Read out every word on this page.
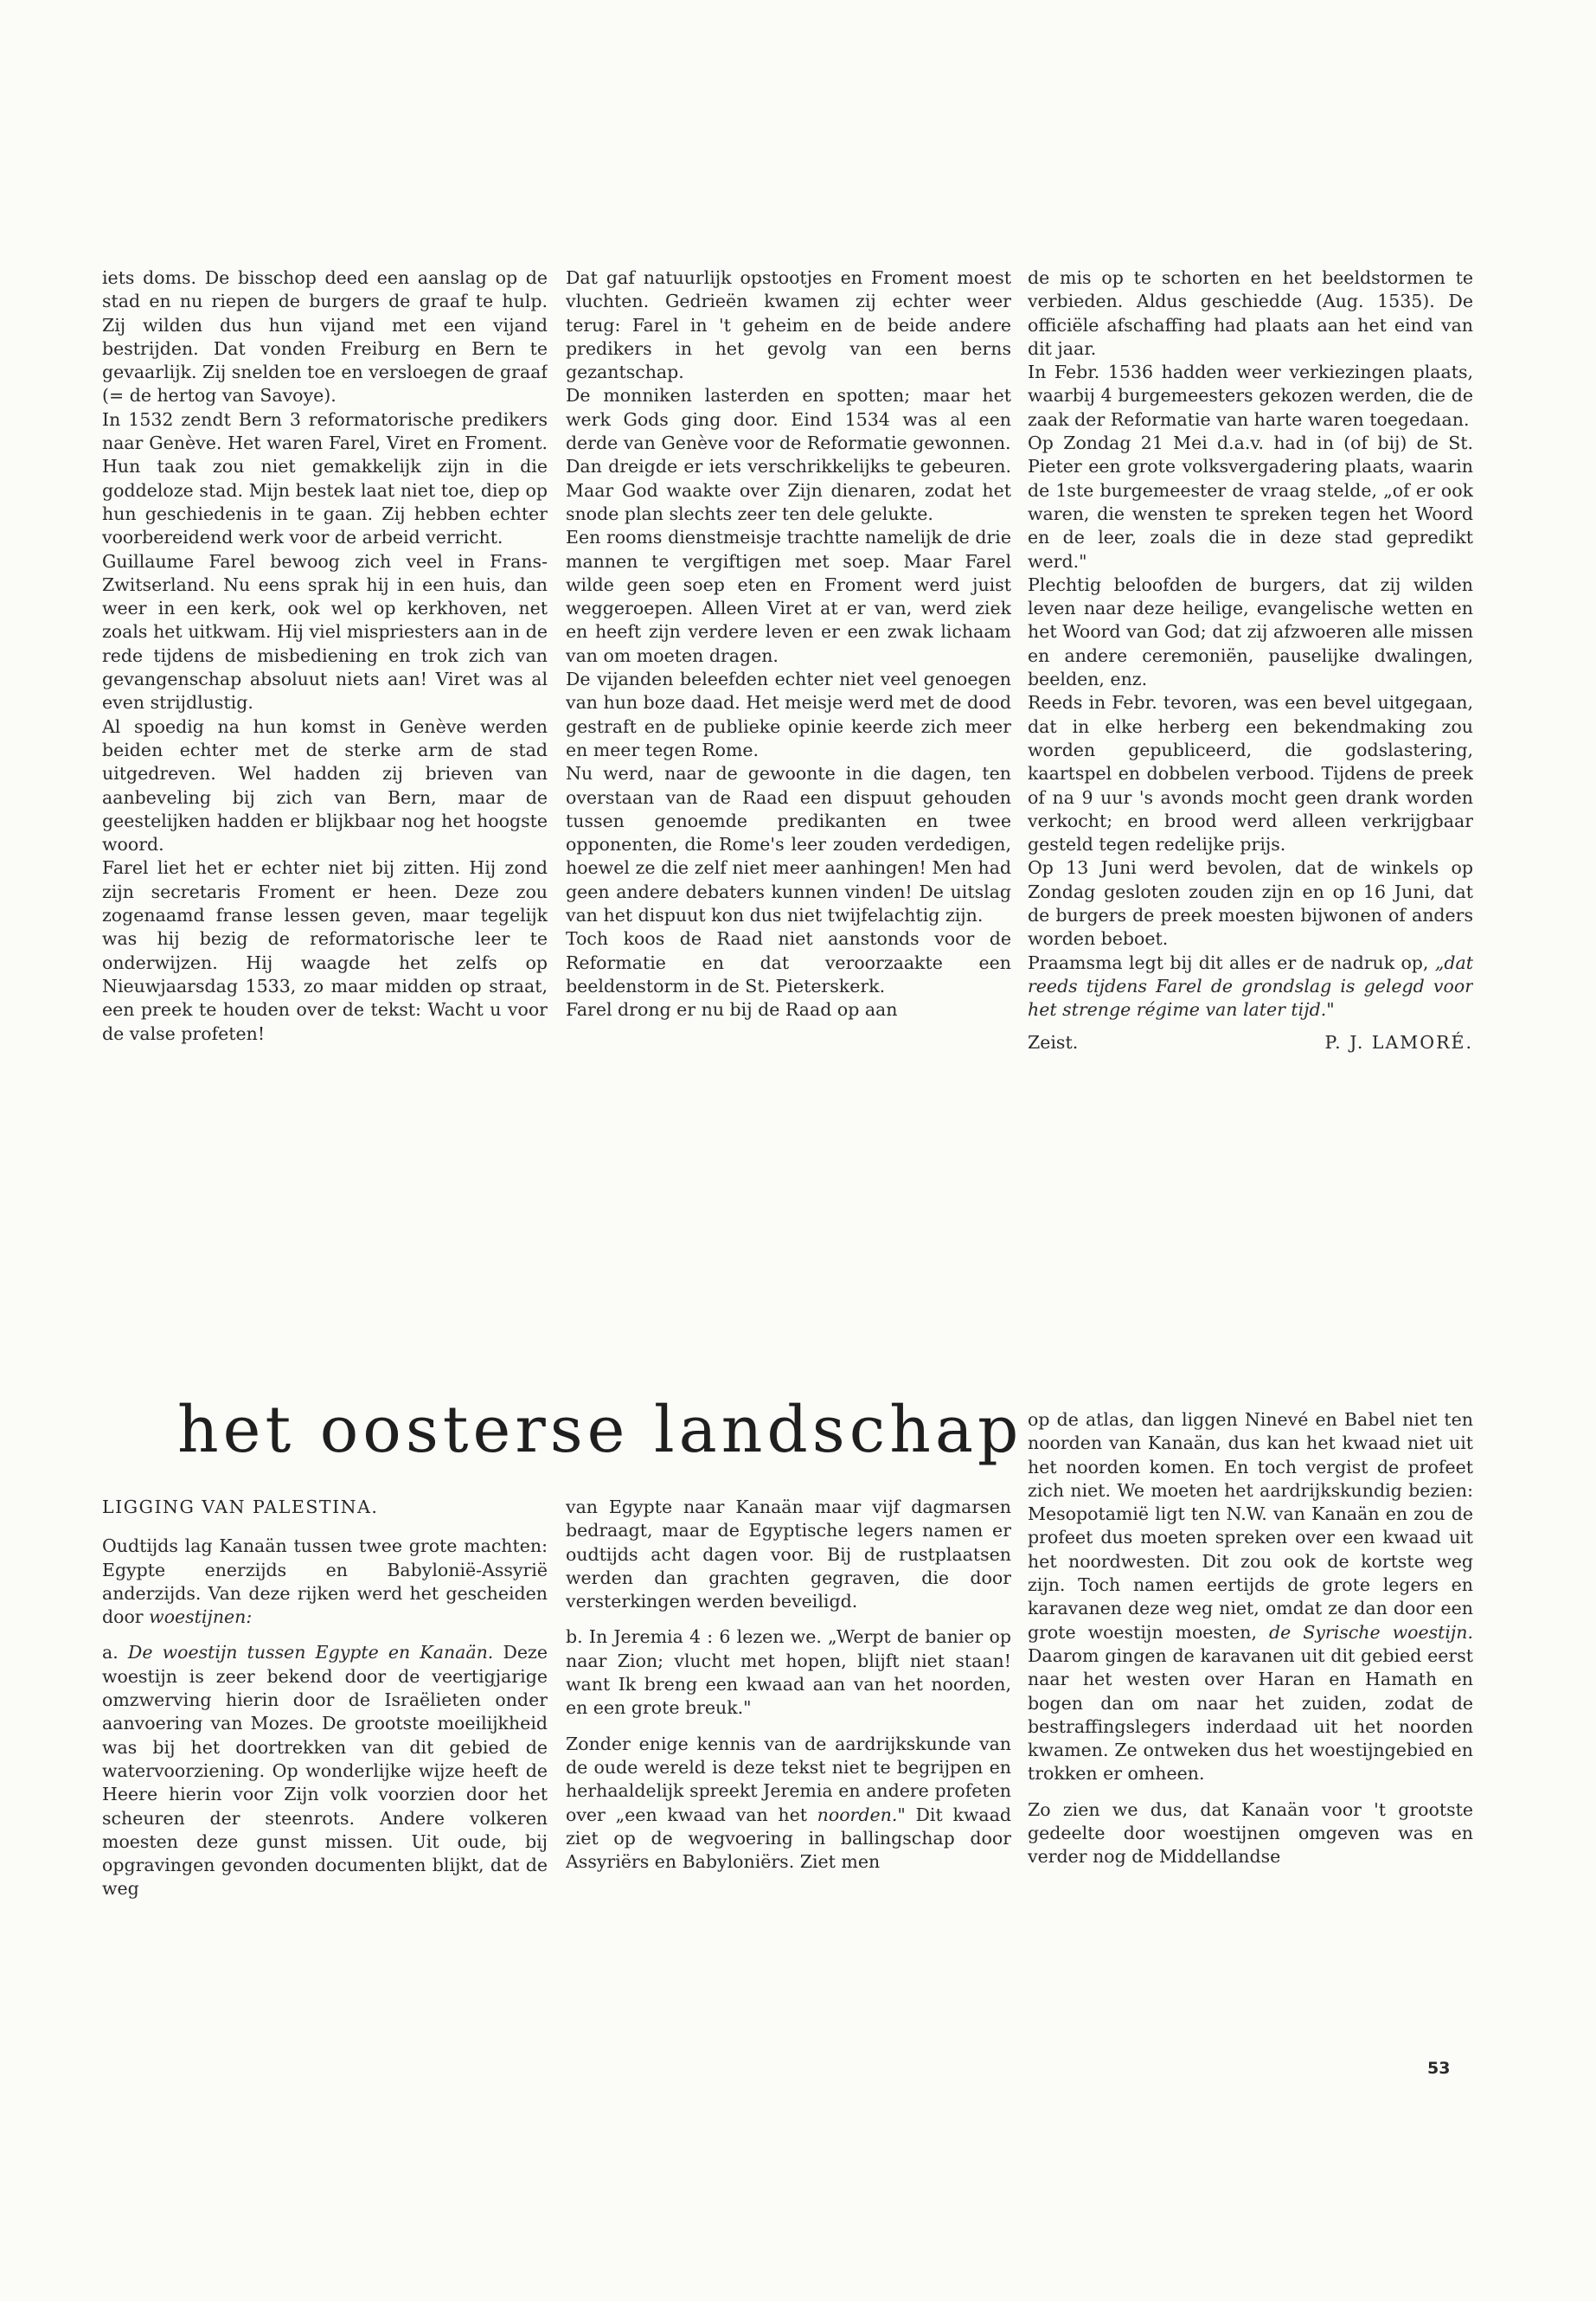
iets doms. De bisschop deed een aanslag op de stad en nu riepen de burgers de graaf te hulp. Zij wilden dus hun vijand met een vijand bestrijden. Dat vonden Freiburg en Bern te gevaarlijk. Zij snelden toe en versloegen de graaf (= de hertog van Savoye).

In 1532 zendt Bern 3 reformatorische predikers naar Genève. Het waren Farel, Viret en Froment. Hun taak zou niet gemakkelijk zijn in die goddeloze stad. Mijn bestek laat niet toe, diep op hun geschiedenis in te gaan. Zij hebben echter voorbereidend werk voor de arbeid verricht.

Guillaume Farel bewoog zich veel in Frans-Zwitserland. Nu eens sprak hij in een huis, dan weer in een kerk, ook wel op kerkhoven, net zoals het uitkwam. Hij viel mispriesters aan in de rede tijdens de misbediening en trok zich van gevangenschap absoluut niets aan! Viret was al even strijdlustig.

Al spoedig na hun komst in Genève werden beiden echter met de sterke arm de stad uitgedreven. Wel hadden zij brieven van aanbeveling bij zich van Bern, maar de geestelijken hadden er blijkbaar nog het hoogste woord.

Farel liet het er echter niet bij zitten. Hij zond zijn secretaris Froment er heen. Deze zou zogenaamd franse lessen geven, maar tegelijk was hij bezig de reformatorische leer te onderwijzen. Hij waagde het zelfs op Nieuwjaarsdag 1533, zo maar midden op straat, een preek te houden over de tekst: Wacht u voor de valse profeten!

Dat gaf natuurlijk opstootjes en Froment moest vluchten. Gedrieën kwamen zij echter weer terug: Farel in 't geheim en de beide andere predikers in het gevolg van een berns gezantschap.

De monniken lasterden en spotten; maar het werk Gods ging door. Eind 1534 was al een derde van Genève voor de Reformatie gewonnen.

Dan dreigde er iets verschrikkelijks te gebeuren. Maar God waakte over Zijn dienaren, zodat het snode plan slechts zeer ten dele gelukte.

Een rooms dienstmeisje trachtte namelijk de drie mannen te vergiftigen met soep. Maar Farel wilde geen soep eten en Froment werd juist weggeroepen. Alleen Viret at er van, werd ziek en heeft zijn verdere leven er een zwak lichaam van om moeten dragen.

De vijanden beleefden echter niet veel genoegen van hun boze daad. Het meisje werd met de dood gestraft en de publieke opinie keerde zich meer en meer tegen Rome.

Nu werd, naar de gewoonte in die dagen, ten overstaan van de Raad een dispuut gehouden tussen genoemde predikanten en twee opponenten, die Rome's leer zouden verdedigen, hoewel ze die zelf niet meer aanhingen! Men had geen andere debaters kunnen vinden! De uitslag van het dispuut kon dus niet twijfelachtig zijn.

Toch koos de Raad niet aanstonds voor de Reformatie en dat veroorzaakte een beeldenstorm in de St. Pieterskerk.

Farel drong er nu bij de Raad op aan

de mis op te schorten en het beeldstormen te verbieden. Aldus geschiedde (Aug. 1535). De officiële afschaffing had plaats aan het eind van dit jaar.

In Febr. 1536 hadden weer verkiezingen plaats, waarbij 4 burgemeesters gekozen werden, die de zaak der Reformatie van harte waren toegedaan.

Op Zondag 21 Mei d.a.v. had in (of bij) de St. Pieter een grote volksvergadering plaats, waarin de 1ste burgemeester de vraag stelde, „of er ook waren, die wensten te spreken tegen het Woord en de leer, zoals die in deze stad gepredikt werd."

Plechtig beloofden de burgers, dat zij wilden leven naar deze heilige, evangelische wetten en het Woord van God; dat zij afzwoeren alle missen en andere ceremoniën, pauselijke dwalingen, beelden, enz.

Reeds in Febr. tevoren, was een bevel uitgegaan, dat in elke herberg een bekendmaking zou worden gepubliceerd, die godslastering, kaartspel en dobbelen verbood. Tijdens de preek of na 9 uur 's avonds mocht geen drank worden verkocht; en brood werd alleen verkrijgbaar gesteld tegen redelijke prijs.

Op 13 Juni werd bevolen, dat de winkels op Zondag gesloten zouden zijn en op 16 Juni, dat de burgers de preek moesten bijwonen of anders worden beboet.

Praamsma legt bij dit alles er de nadruk op, „dat reeds tijdens Farel de grondslag is gelegd voor het strenge régime van later tijd."

Zeist.	P. J. LAMORÉ.
het oosterse landschap

LIGGING VAN PALESTINA.

Oudtijds lag Kanaän tussen twee grote machten: Egypte enerzijds en Babylonië-Assyrië anderzijds. Van deze rijken werd het gescheiden door woestijnen:

a. De woestijn tussen Egypte en Kanaän. Deze woestijn is zeer bekend door de veertigjarige omzwerving hierin door de Israëlieten onder aanvoering van Mozes. De grootste moeilijkheid was bij het doortrekken van dit gebied de watervoorziening. Op wonderlijke wijze heeft de Heere hierin voor Zijn volk voorzien door het scheuren der steenrots. Andere volkeren moesten deze gunst missen. Uit oude, bij opgravingen gevonden documenten blijkt, dat de weg

van Egypte naar Kanaän maar vijf dagmarsen bedraagt, maar de Egyptische legers namen er oudtijds acht dagen voor. Bij de rustplaatsen werden dan grachten gegraven, die door versterkingen werden beveiligd.

b. In Jeremia 4 : 6 lezen we. „Werpt de banier op naar Zion; vlucht met hopen, blijft niet staan! want Ik breng een kwaad aan van het noorden, en een grote breuk."

Zonder enige kennis van de aardrijkskunde van de oude wereld is deze tekst niet te begrijpen en herhaaldelijk spreekt Jeremia en andere profeten over „een kwaad van het noorden." Dit kwaad ziet op de wegvoering in ballingschap door Assyriërs en Babyloniërs. Ziet men

op de atlas, dan liggen Ninevé en Babel niet ten noorden van Kanaän, dus kan het kwaad niet uit het noorden komen. En toch vergist de profeet zich niet. We moeten het aardrijkskundig bezien: Mesopotamië ligt ten N.W. van Kanaän en zou de profeet dus moeten spreken over een kwaad uit het noordwesten. Dit zou ook de kortste weg zijn. Toch namen eertijds de grote legers en karavanen deze weg niet, omdat ze dan door een grote woestijn moesten, de Syrische woestijn. Daarom gingen de karavanen uit dit gebied eerst naar het westen over Haran en Hamath en bogen dan om naar het zuiden, zodat de bestraffingslegers inderdaad uit het noorden kwamen. Ze ontweken dus het woestijngebied en trokken er omheen.

Zo zien we dus, dat Kanaän voor 't grootste gedeelte door woestijnen omgeven was en verder nog de Middellandse

53
